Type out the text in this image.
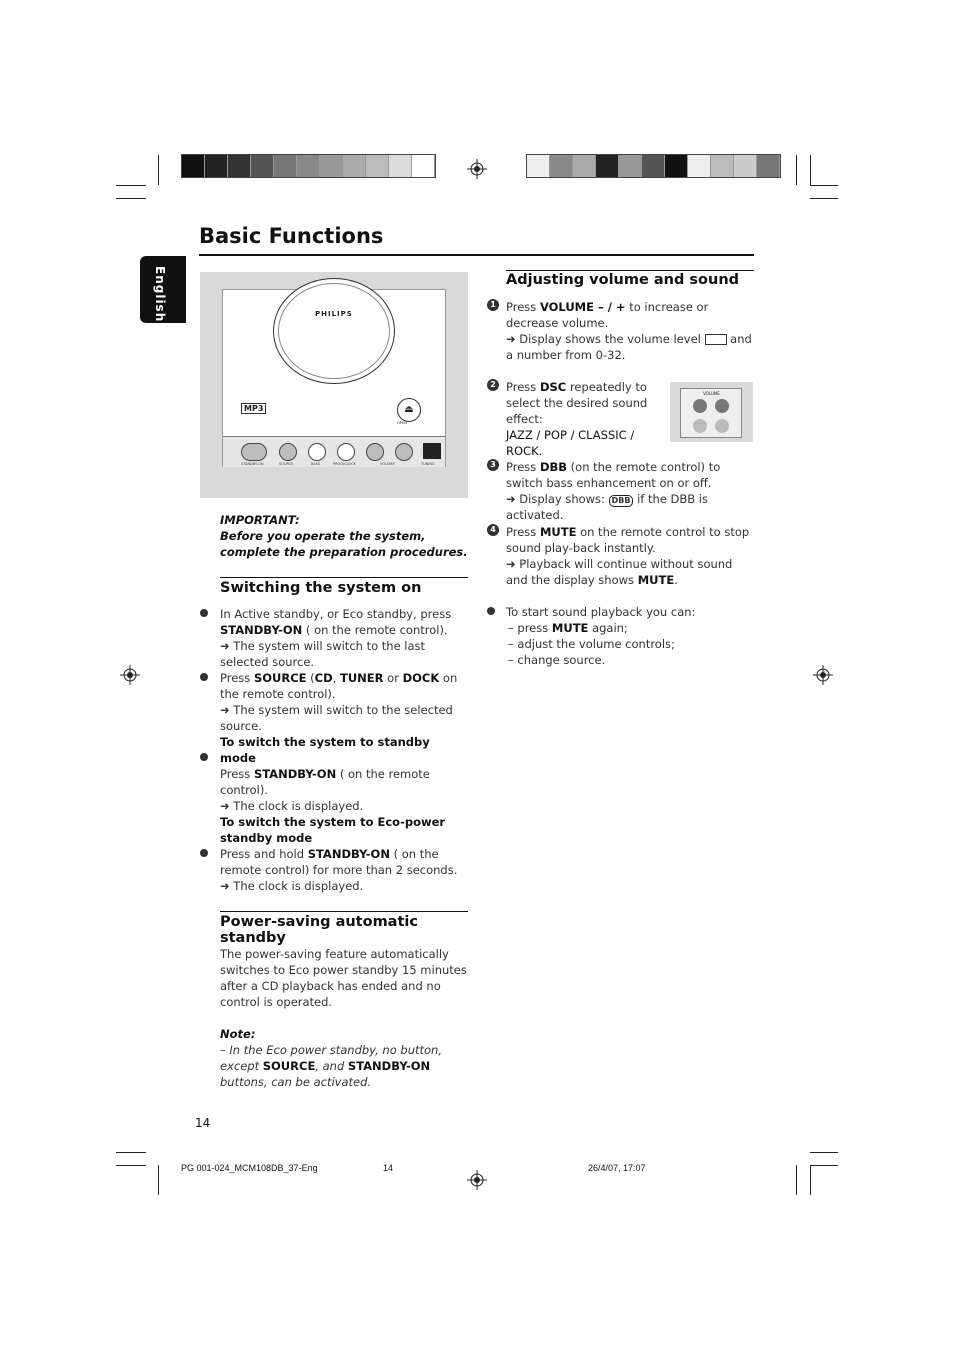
Basic Functions
English	PHILIPS
MP3	⏏
OPEN
STANDBY-ON	SOURCE	BASS	PROG/CLOCK	VOLUME	TUNING
IMPORTANT:
Before you operate the system, complete the preparation procedures.
Switching the system on
In Active standby, or Eco standby, press
STANDBY-ON ( on the remote control).
➜ The system will switch to the last selected source.
Press SOURCE (CD, TUNER or DOCK on the remote control).
➜ The system will switch to the selected source.
To switch the system to standby mode
Press STANDBY-ON ( on the remote control).
➜ The clock is displayed.
To switch the system to Eco-power standby mode
Press and hold STANDBY-ON ( on the remote control) for more than 2 seconds.
➜ The clock is displayed.
Power-saving automatic standby
The power-saving feature automatically switches to Eco power standby 15 minutes after a CD playback has ended and no control is operated.
Note:
– In the Eco power standby, no button, except SOURCE, and STANDBY-ON buttons, can be activated.
Adjusting volume and sound
1 Press VOLUME – / + to increase or decrease volume.
➜ Display shows the volume level	and a number from 0-32.
2 Press DSC repeatedly to select the desired sound effect:
JAZZ / POP / CLASSIC / ROCK.
VOLUME
3 Press DBB (on the remote control) to switch bass enhancement on or off.
➜ Display shows: DBB if the DBB is activated.
4 Press MUTE on the remote control to stop sound play-back instantly.
➜ Playback will continue without sound and the display shows MUTE.
To start sound playback you can:
– press MUTE again;
– adjust the volume controls;
– change source.
14
PG 001-024_MCM108DB_37-Eng	14	26/4/07, 17:07
